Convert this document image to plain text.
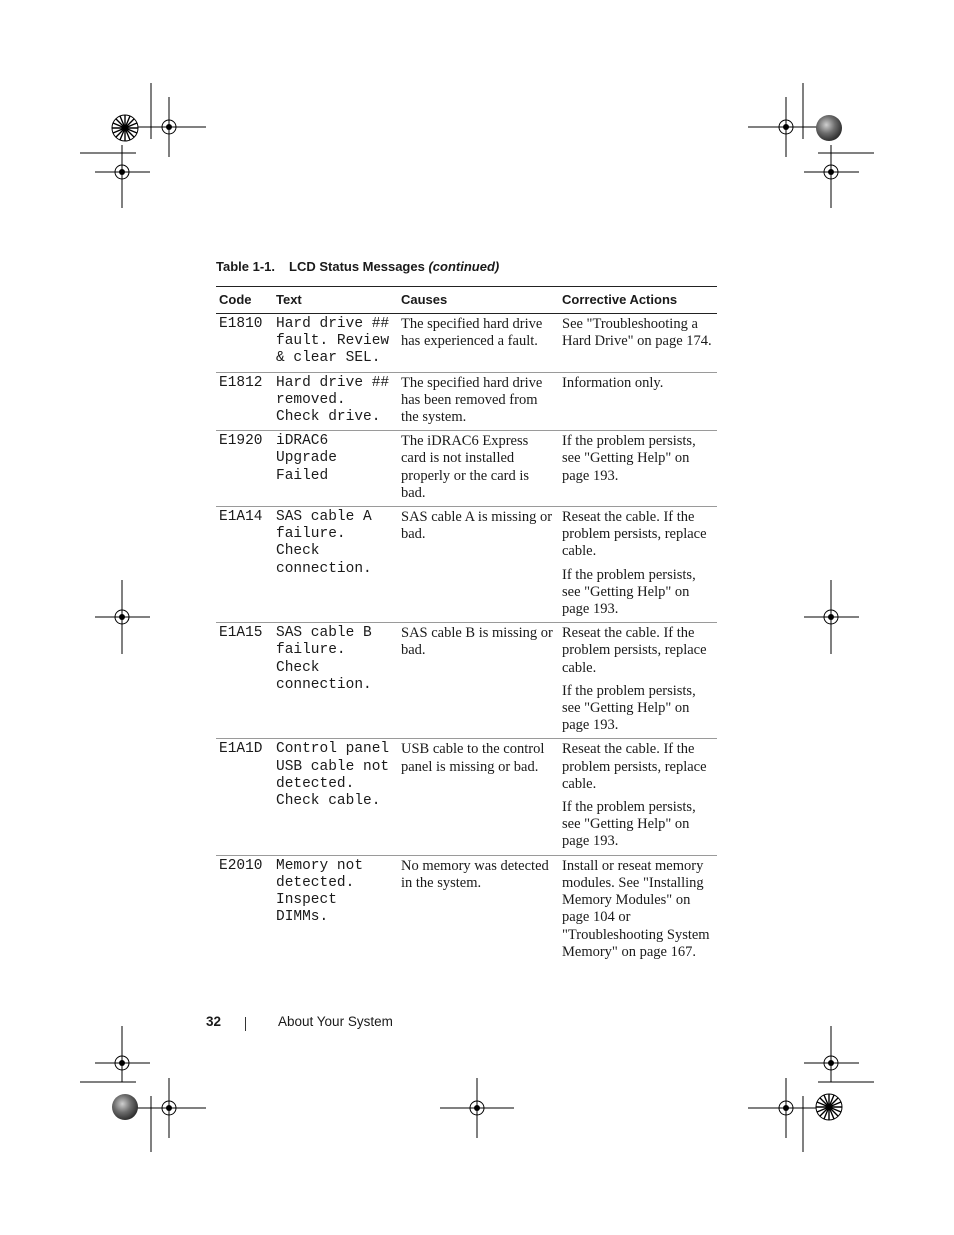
Table 1-1. LCD Status Messages (continued)
Code	Text	Causes	Corrective Actions
E1810	Hard drive ## fault. Review & clear SEL.	The specified hard drive has experienced a fault.	See "Troubleshooting a Hard Drive" on page 174.

E1812	Hard drive ## removed. Check drive.	The specified hard drive has been removed from the system.	Information only.

E1920	iDRAC6 Upgrade Failed	The iDRAC6 Express card is not installed properly or the card is bad.	If the problem persists, see "Getting Help" on page 193.

E1A14	SAS cable A failure. Check connection.	SAS cable A is missing or bad.	Reseat the cable. If the problem persists, replace cable.
If the problem persists, see "Getting Help" on page 193.

E1A15	SAS cable B failure. Check connection.	SAS cable B is missing or bad.	Reseat the cable. If the problem persists, replace cable.
If the problem persists, see "Getting Help" on page 193.

E1A1D	Control panel USB cable not detected. Check cable.	USB cable to the control panel is missing or bad.	Reseat the cable. If the problem persists, replace cable.
If the problem persists, see "Getting Help" on page 193.

E2010	Memory not detected. Inspect DIMMs.	No memory was detected in the system.	Install or reseat memory modules. See "Installing Memory Modules" on page 104 or "Troubleshooting System Memory" on page 167.
32	About Your System
